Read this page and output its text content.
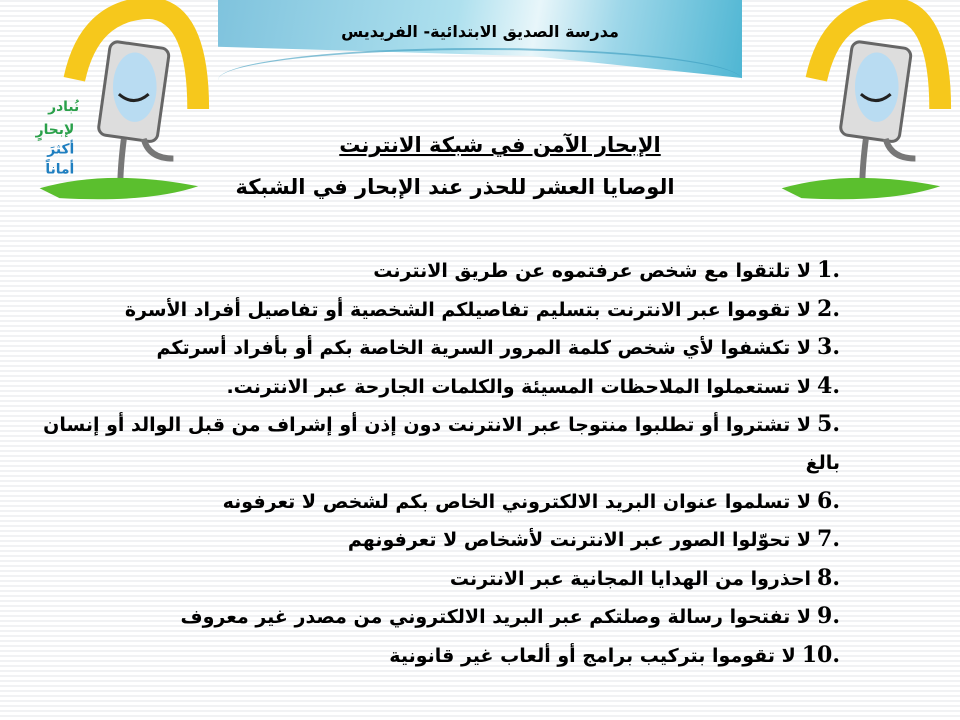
مدرسة الصديق الابتدائية- الفريديس
نُبادر
لإبحارٍ
أكثرَ
أماناً
الإبحار الآمن في شبكة الانترنت
الوصايا العشر للحذر عند الإبحار في الشبكة
1.لا تلتقوا مع شخص عرفتموه عن طريق الانترنت
2.لا تقوموا عبر الانترنت بتسليم تفاصيلكم الشخصية أو تفاصيل أفراد الأسرة
3.لا تكشفوا لأي شخص كلمة المرور السرية الخاصة بكم أو بأفراد أسرتكم
4.لا تستعملوا الملاحظات المسيئة والكلمات الجارحة عبر الانترنت.
5.لا تشتروا أو تطلبوا منتوجا عبر الانترنت دون إذن أو إشراف من قبل الوالد أو إنسان بالغ
6.لا تسلموا عنوان البريد الالكتروني الخاص بكم لشخص لا تعرفونه
7.لا تحوّلوا الصور عبر الانترنت لأشخاص لا تعرفونهم
8.احذروا من الهدايا المجانية عبر الانترنت
9.لا تفتحوا رسالة وصلتكم عبر البريد الالكتروني من مصدر غير معروف
10.لا تقوموا بتركيب برامج أو ألعاب غير قانونية
